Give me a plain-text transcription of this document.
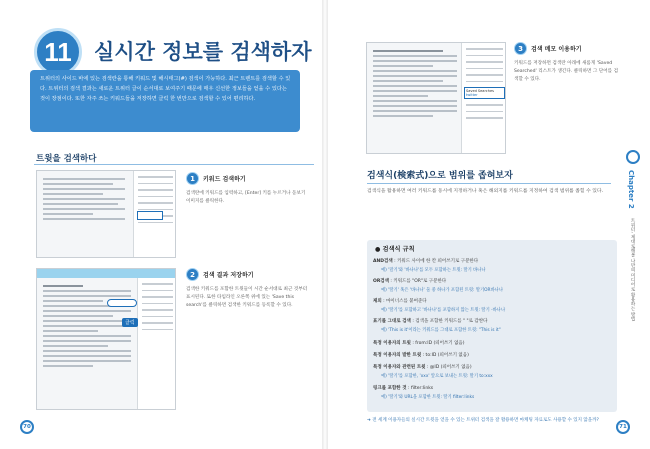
11	실시간 정보를 검색하자
트위터의 사이드 바에 있는 검색란을 통해 키워드 및 해시태그(#) 검색이 가능하다. 최근 트렌트를 검색할 수 있다. 트위터의 검색 결과는 새로운 트위터 글이 순서대로 보여주기 때문에 매우 신선한 정보들을 얻을 수 있다는 것이 장점이다. 또한 자주 쓰는 키워드들을 저장하면 클릭 한 번만으로 검색할 수 있어 편리하다.
트윗을 검색하다
1	키워드 검색하기
검색란에 키워드를 입력하고, [Enter] 키를 누르거나 돋보기 이미지를 클릭한다.
클릭
2	검색 결과 저장하기
검색한 키워드를 포함한 트윗들이 시간 순서대로 최근 것부터 표시된다. 또한 타임라인 오른쪽 위에 있는 'Save this search'를 클릭하면 검색한 키워드를 등록할 수 있다.
70
Saved Searches
twitter
3	검색 메모 이용하기
키워드를 저장하면 검색란 아래에 새롭게 'Saved Searched' 리스트가 생긴다. 클릭하면 그 단어를 검색할 수 있다.
검색식(検索式)으로 범위를 좁혀보자
검색식을 활용하면 여러 키워드를 동시에 지정하거나 혹은 해외지를 키워드를 지정하여 검색 범위를 좁힐 수 있다.
● 검색식 규칙
AND검색 : 키워드 사이에 한 칸 띄어쓰기로 구분한다
예) '말기'와 '바나나'를 모두 포함하는 트윗: 딸기 바나나
OR검색 : 키워드를 "OR"로 구분한다
예) '딸기' 혹은 '바나나' 둘 중 하나가 포함된 트윗: 딸기OR바나나
제외 : 마이너스를 붙여준다
예) '딸기'를 포함하고 '바나나'를 포함하지 않는 트윗: 딸기 -바나나
표기를 그대로 검색 : 검색을 포함한 키워드를 " "로 감싼다
예) 'This is it'이라는 키워드를 그대로 포함한 트윗: "This is it"
특정 이용자의 트윗 : from:ID (띄어쓰기 없음)
특정 이용자의 발한 트윗 : to:ID (띄어쓰기 없음)
특정 이용자와 관련된 트윗 : @ID (띄어쓰기 없음)
예) '딸기'를 포함한, 'xxx' 앞으로 보내는 트윗: 딸기 to:xxx
링크를 포함한 것 : filter:links
예) '딸기'와 URL을 포함한 트윗: 딸기 filter:links
Chapter 2
트위터, 제대로해볼 나만의 미디어로 활용하는 방법
➔ 전 세계 이용자들의 실시간 트윗을 얻을 수 있는 트위터 검색을 잘 활용하면 마케팅 자료로도 사용할 수 있지 않을까?
71
